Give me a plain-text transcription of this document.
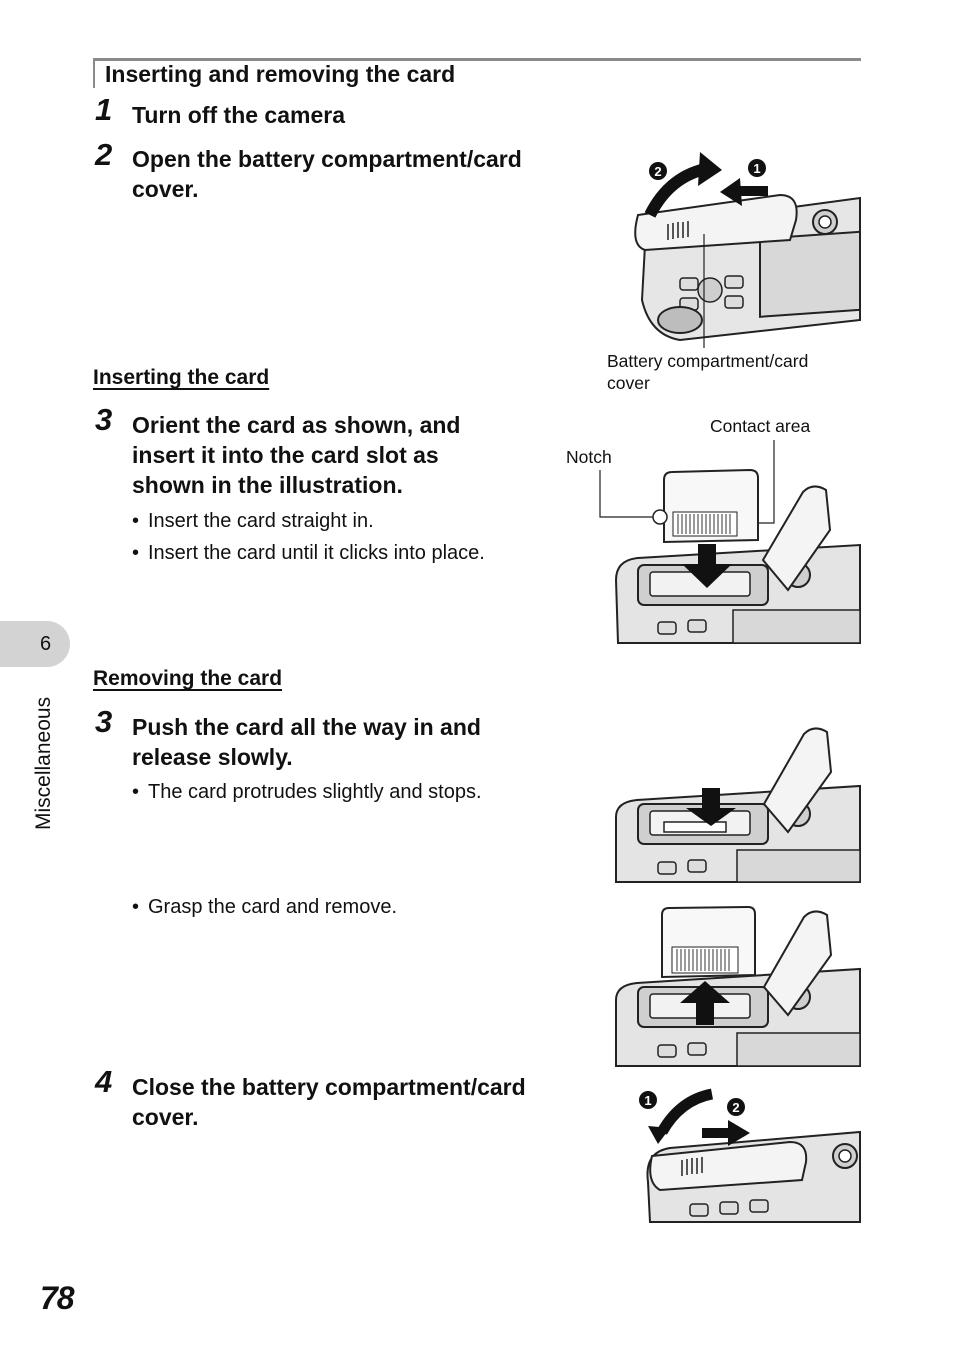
Inserting and removing the card
1 Turn off the camera
2 Open the battery compartment/card
cover.
2	1
Battery compartment/card
cover
Inserting the card
3 Orient the card as shown, and
insert it into the card slot as
shown in the illustration.
• Insert the card straight in.
• Insert the card until it clicks into place.
Contact area
Notch
6
Miscellaneous
Removing the card
3 Push the card all the way in and
release slowly.
• The card protrudes slightly and stops.
• Grasp the card and remove.
4 Close the battery compartment/card
cover.
1	2
78
